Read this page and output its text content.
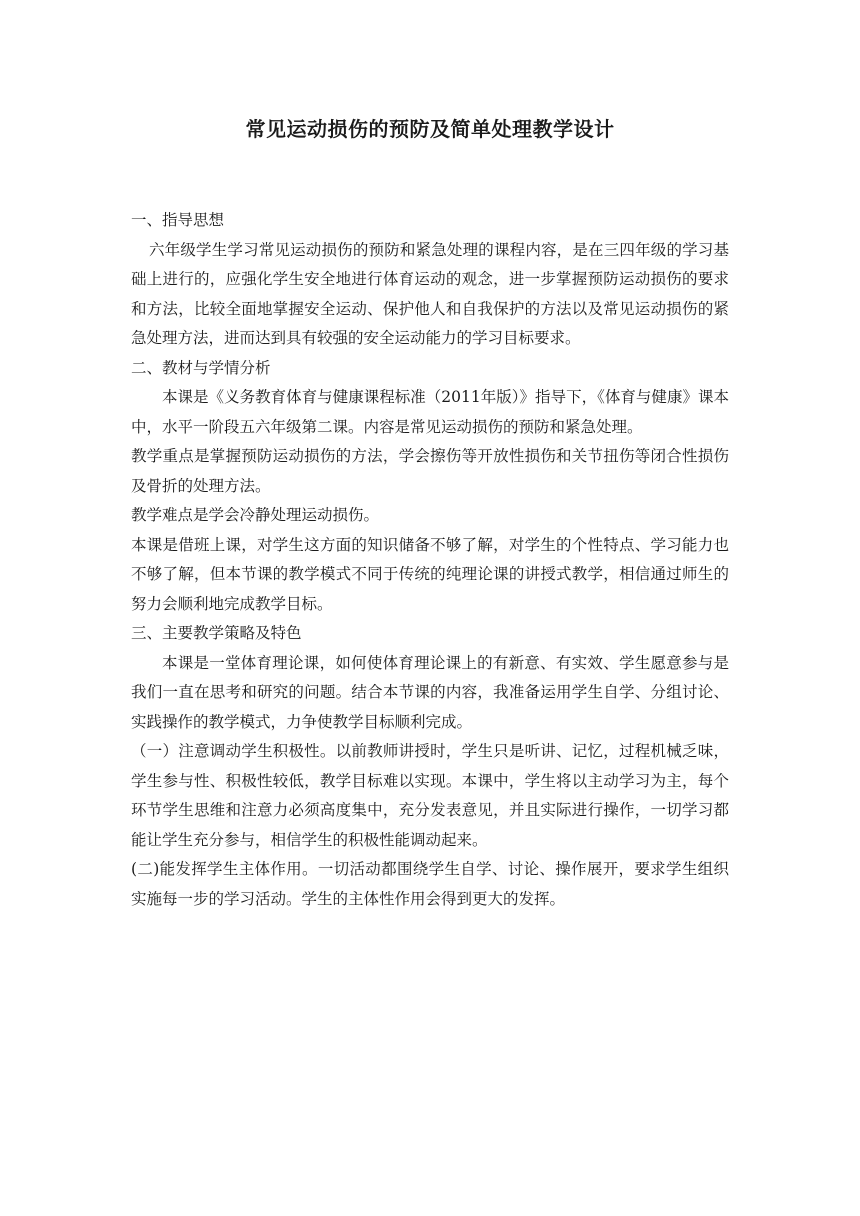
常见运动损伤的预防及简单处理教学设计

一、指导思想

六年级学生学习常见运动损伤的预防和紧急处理的课程内容，是在三四年级的学习基础上进行的，应强化学生安全地进行体育运动的观念，进一步掌握预防运动损伤的要求和方法，比较全面地掌握安全运动、保护他人和自我保护的方法以及常见运动损伤的紧急处理方法，进而达到具有较强的安全运动能力的学习目标要求。

二、教材与学情分析

本课是《义务教育体育与健康课程标准（2011年版）》指导下，《体育与健康》课本中，水平一阶段五六年级第二课。内容是常见运动损伤的预防和紧急处理。

教学重点是掌握预防运动损伤的方法，学会擦伤等开放性损伤和关节扭伤等闭合性损伤及骨折的处理方法。

教学难点是学会冷静处理运动损伤。

本课是借班上课，对学生这方面的知识储备不够了解，对学生的个性特点、学习能力也不够了解，但本节课的教学模式不同于传统的纯理论课的讲授式教学，相信通过师生的努力会顺利地完成教学目标。

三、主要教学策略及特色

本课是一堂体育理论课，如何使体育理论课上的有新意、有实效、学生愿意参与是我们一直在思考和研究的问题。结合本节课的内容，我准备运用学生自学、分组讨论、实践操作的教学模式，力争使教学目标顺利完成。

（一）注意调动学生积极性。以前教师讲授时，学生只是听讲、记忆，过程机械乏味，学生参与性、积极性较低，教学目标难以实现。本课中，学生将以主动学习为主，每个环节学生思维和注意力必须高度集中，充分发表意见，并且实际进行操作，一切学习都能让学生充分参与，相信学生的积极性能调动起来。

(二)能发挥学生主体作用。一切活动都围绕学生自学、讨论、操作展开，要求学生组织实施每一步的学习活动。学生的主体性作用会得到更大的发挥。
